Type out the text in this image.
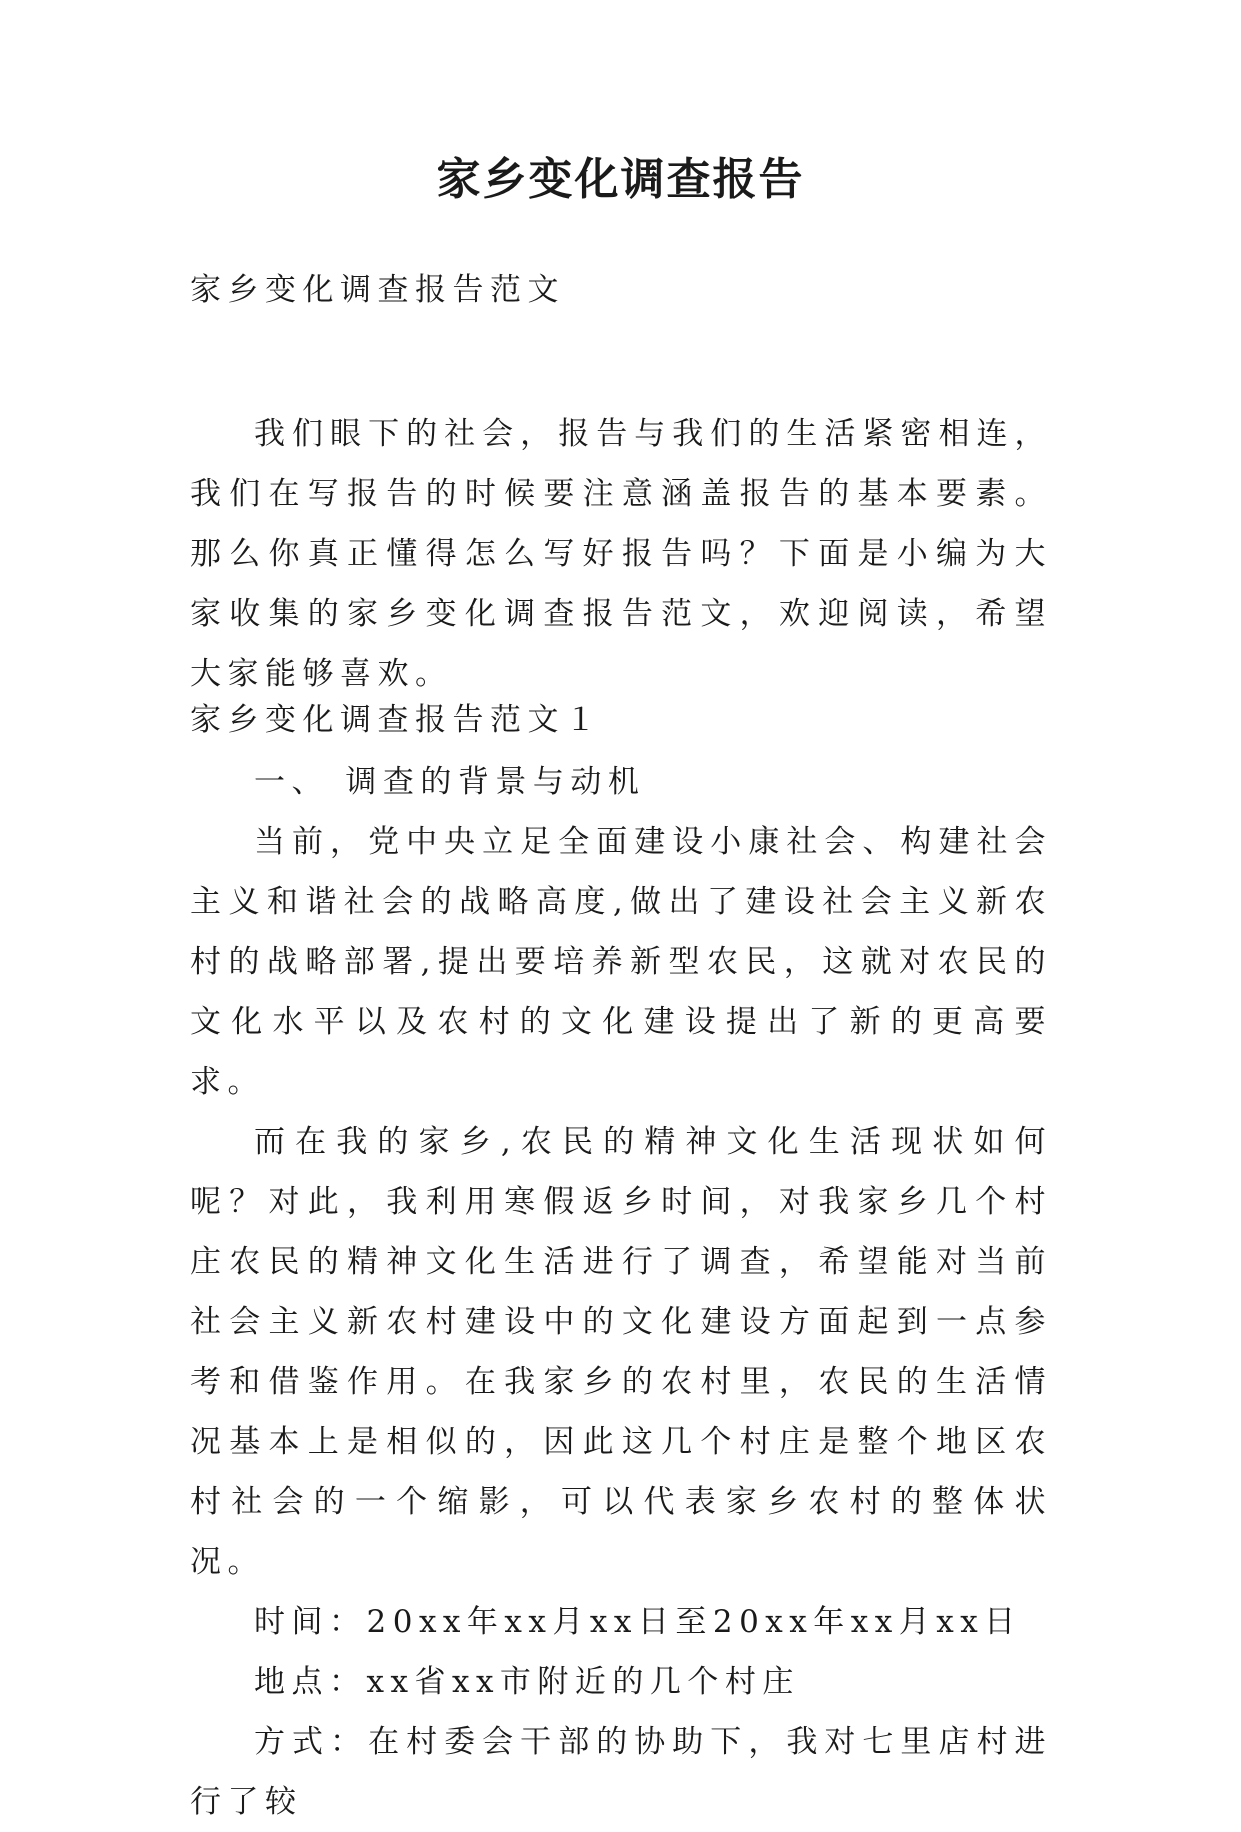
家乡变化调查报告

家乡变化调查报告范文

我们眼下的社会，报告与我们的生活紧密相连，我们在写报告的时候要注意涵盖报告的基本要素。那么你真正懂得怎么写好报告吗？下面是小编为大家收集的家乡变化调查报告范文，欢迎阅读，希望大家能够喜欢。

家乡变化调查报告范文１

一、 调查的背景与动机

当前，党中央立足全面建设小康社会、构建社会主义和谐社会的战略高度,做出了建设社会主义新农村的战略部署,提出要培养新型农民，这就对农民的文化水平以及农村的文化建设提出了新的更高要求。

而在我的家乡,农民的精神文化生活现状如何呢？对此，我利用寒假返乡时间，对我家乡几个村庄农民的精神文化生活进行了调查，希望能对当前社会主义新农村建设中的文化建设方面起到一点参考和借鉴作用。在我家乡的农村里，农民的生活情况基本上是相似的，因此这几个村庄是整个地区农村社会的一个缩影，可以代表家乡农村的整体状况。

时间：20xx年xx月xx日至20xx年xx月xx日

地点：xx省xx市附近的几个村庄

方式：在村委会干部的协助下，我对七里店村进行了较
